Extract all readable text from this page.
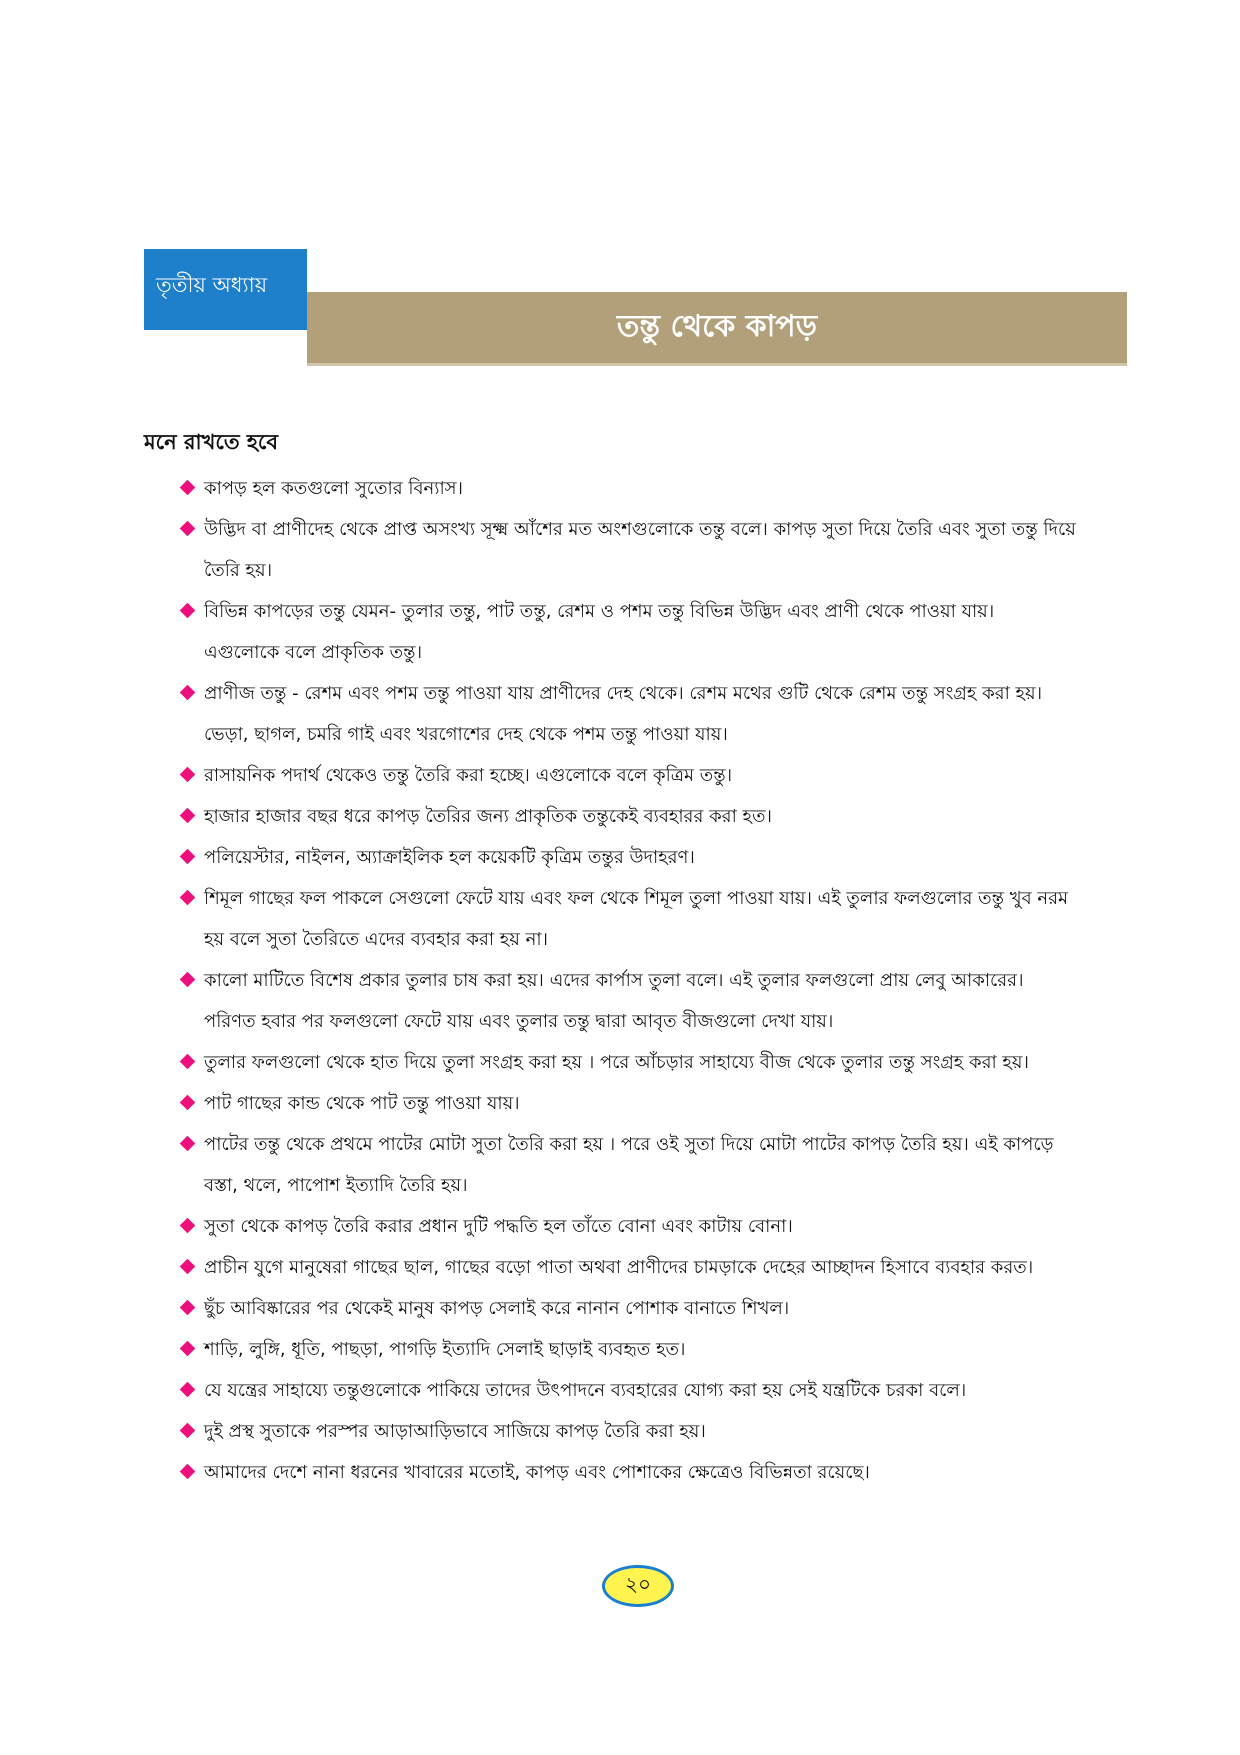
তৃতীয় অধ্যায়
তন্তু থেকে কাপড়
মনে রাখতে হবে
কাপড় হল কতগুলো সুতোর বিন্যাস।
উদ্ভিদ বা প্রাণীদেহ থেকে প্রাপ্ত অসংখ্য সূক্ষ্ম আঁশের মত অংশগুলোকে তন্তু বলে। কাপড় সুতা দিয়ে তৈরি এবং সুতা তন্তু দিয়ে
তৈরি হয়।
বিভিন্ন কাপড়ের তন্তু যেমন- তুলার তন্তু, পাট তন্তু, রেশম ও পশম তন্তু বিভিন্ন উদ্ভিদ এবং প্রাণী থেকে পাওয়া যায়।
এগুলোকে বলে প্রাকৃতিক তন্তু।
প্রাণীজ তন্তু - রেশম এবং পশম তন্তু পাওয়া যায় প্রাণীদের দেহ থেকে। রেশম মথের গুটি থেকে রেশম তন্তু সংগ্রহ করা হয়।
ভেড়া, ছাগল, চমরি গাই এবং খরগোশের দেহ থেকে পশম তন্তু পাওয়া যায়।
রাসায়নিক পদার্থ থেকেও তন্তু তৈরি করা হচ্ছে। এগুলোকে বলে কৃত্রিম তন্তু।
হাজার হাজার বছর ধরে কাপড় তৈরির জন্য প্রাকৃতিক তন্তুকেই ব্যবহারর করা হত।
পলিয়েস্টার, নাইলন, অ্যাক্রাইলিক হল কয়েকটি কৃত্রিম তন্তুর উদাহরণ।
শিমূল গাছের ফল পাকলে সেগুলো ফেটে যায় এবং ফল থেকে শিমূল তুলা পাওয়া যায়। এই তুলার ফলগুলোর তন্তু খুব নরম
হয় বলে সুতা তৈরিতে এদের ব্যবহার করা হয় না।
কালো মাটিতে বিশেষ প্রকার তুলার চাষ করা হয়। এদের কার্পাস তুলা বলে। এই তুলার ফলগুলো প্রায় লেবু আকারের।
পরিণত হবার পর ফলগুলো ফেটে যায় এবং তুলার তন্তু দ্বারা আবৃত বীজগুলো দেখা যায়।
তুলার ফলগুলো থেকে হাত দিয়ে তুলা সংগ্রহ করা হয় । পরে আঁচড়ার সাহায্যে বীজ থেকে তুলার তন্তু সংগ্রহ করা হয়।
পাট গাছের কান্ড থেকে পাট তন্তু পাওয়া যায়।
পাটের তন্তু থেকে প্রথমে পাটের মোটা সুতা তৈরি করা হয় । পরে ওই সুতা দিয়ে মোটা পাটের কাপড় তৈরি হয়। এই কাপড়ে
বস্তা, থলে, পাপোশ ইত্যাদি তৈরি হয়।
সুতা থেকে কাপড় তৈরি করার প্রধান দুটি পদ্ধতি হল তাঁতে বোনা এবং কাটায় বোনা।
প্রাচীন যুগে মানুষেরা গাছের ছাল, গাছের বড়ো পাতা অথবা প্রাণীদের চামড়াকে দেহের আচ্ছাদন হিসাবে ব্যবহার করত।
ছুঁচ আবিষ্কারের পর থেকেই মানুষ কাপড় সেলাই করে নানান পোশাক বানাতে শিখল।
শাড়ি, লুঙ্গি, ধূতি, পাছড়া, পাগড়ি ইত্যাদি সেলাই ছাড়াই ব্যবহৃত হত।
যে যন্ত্রের সাহায্যে তন্তুগুলোকে পাকিয়ে তাদের উৎপাদনে ব্যবহারের যোগ্য করা হয় সেই যন্ত্রটিকে চরকা বলে।
দুই প্রস্থ সুতাকে পরস্পর আড়াআড়িভাবে সাজিয়ে কাপড় তৈরি করা হয়।
আমাদের দেশে নানা ধরনের খাবারের মতোই, কাপড় এবং পোশাকের ক্ষেত্রেও বিভিন্নতা রয়েছে।
২০
